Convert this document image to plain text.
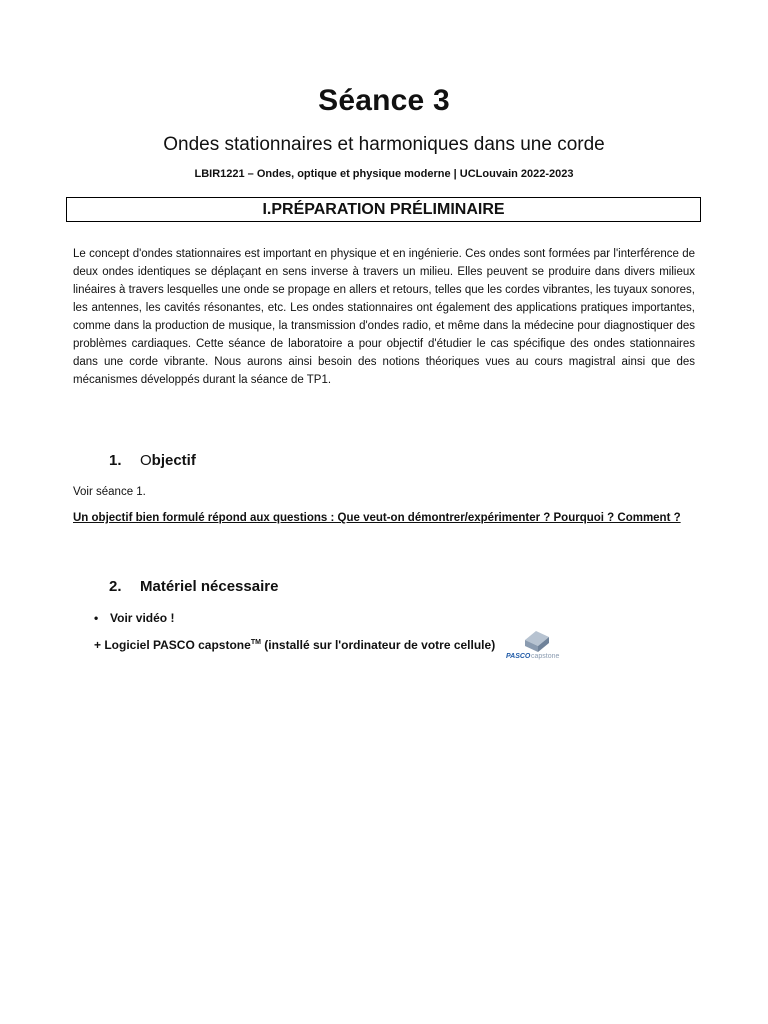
Séance 3
Ondes stationnaires et harmoniques dans une corde
LBIR1221 – Ondes, optique et physique moderne | UCLouvain 2022-2023
I.PRÉPARATION PRÉLIMINAIRE

Le concept d'ondes stationnaires est important en physique et en ingénierie. Ces ondes sont formées par l'interférence de deux ondes identiques se déplaçant en sens inverse à travers un milieu. Elles peuvent se produire dans divers milieux linéaires à travers lesquelles une onde se propage en allers et retours, telles que les cordes vibrantes, les tuyaux sonores, les antennes, les cavités résonantes, etc. Les ondes stationnaires ont également des applications pratiques importantes, comme dans la production de musique, la transmission d'ondes radio, et même dans la médecine pour diagnostiquer des problèmes cardiaques. Cette séance de laboratoire a pour objectif d'étudier le cas spécifique des ondes stationnaires dans une corde vibrante. Nous aurons ainsi besoin des notions théoriques vues au cours magistral ainsi que des mécanismes développés durant la séance de TP1.

1. Objectif
Voir séance 1.
Un objectif bien formulé répond aux questions : Que veut-on démontrer/expérimenter ? Pourquoi ? Comment ?
2. Matériel nécessaire
• Voir vidéo !
+ Logiciel PASCO capstone™ (installé sur l'ordinateur de votre cellule)
PASCO capstone
